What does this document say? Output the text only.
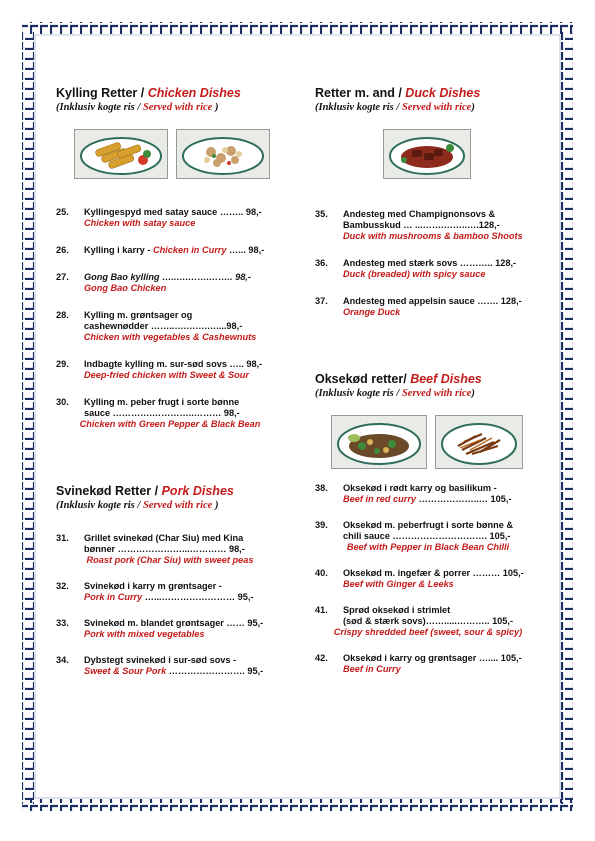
Kylling Retter / Chicken Dishes
(Inklusiv kogte ris / Served with rice )
25. Kyllingespyd med satay sauce …….. 98,-
Chicken with satay sauce
26. Kylling i karry - Chicken in Curry …... 98,-
27. Gong Bao kylling …..….…….…….. 98,-
Gong Bao Chicken
28. Kylling m. grøntsager og
cashewnødder ……..….…….…....98,-
Chicken with vegetables & Cashewnuts
29. Indbagte kylling m. sur-sød sovs ….. 98,-
Deep-fried chicken with Sweet & Sour
30. Kylling m. peber frugt i sorte bønne
sauce ………….…………..……… 98,-
Chicken with Green Pepper & Black Bean
Svinekød Retter / Pork Dishes
(Inklusiv kogte ris / Served with rice )
31. Grillet svinekød (Char Siu) med Kina
bønner …………………...………… 98,-
Roast pork (Char Siu) with sweet peas
32. Svinekød i karry m grøntsager -
Pork in Curry …...…………………… 95,-
33. Svinekød m. blandet grøntsager …… 95,-
Pork with mixed vegetables
34. Dybstegt svinekød i sur-sød sovs -
Sweet & Sour Pork ……………………. 95,-
Retter m. and / Duck Dishes
(Inklusiv kogte ris / Served with rice)
35. Andesteg med Champignonsovs &
Bambusskud … ...…….……..….128,-
Duck with mushrooms & bamboo Shoots
36. Andesteg med stærk sovs ……….. 128,-
Duck (breaded) with spicy sauce
37. Andesteg med appelsin sauce ……. 128,-
Orange Duck
Oksekød retter/ Beef Dishes
(Inklusiv kogte ris / Served with rice)
38. Oksekød i rødt karry og basilikum -
Beef in red curry ………………..… 105,-
39. Oksekød m. peberfrugt i sorte bønne &
chili sauce …………………………. 105,-
Beef with Pepper in Black Bean Chilli
40. Oksekød m. ingefær & porrer ……… 105,-
Beef with Ginger & Leeks
41. Sprød oksekød i strimlet
(sød & stærk sovs)…….....……….. 105,-
Crispy shredded beef (sweet, sour & spicy)
42. Oksekød i karry og grøntsager ….... 105,-
Beef in Curry
